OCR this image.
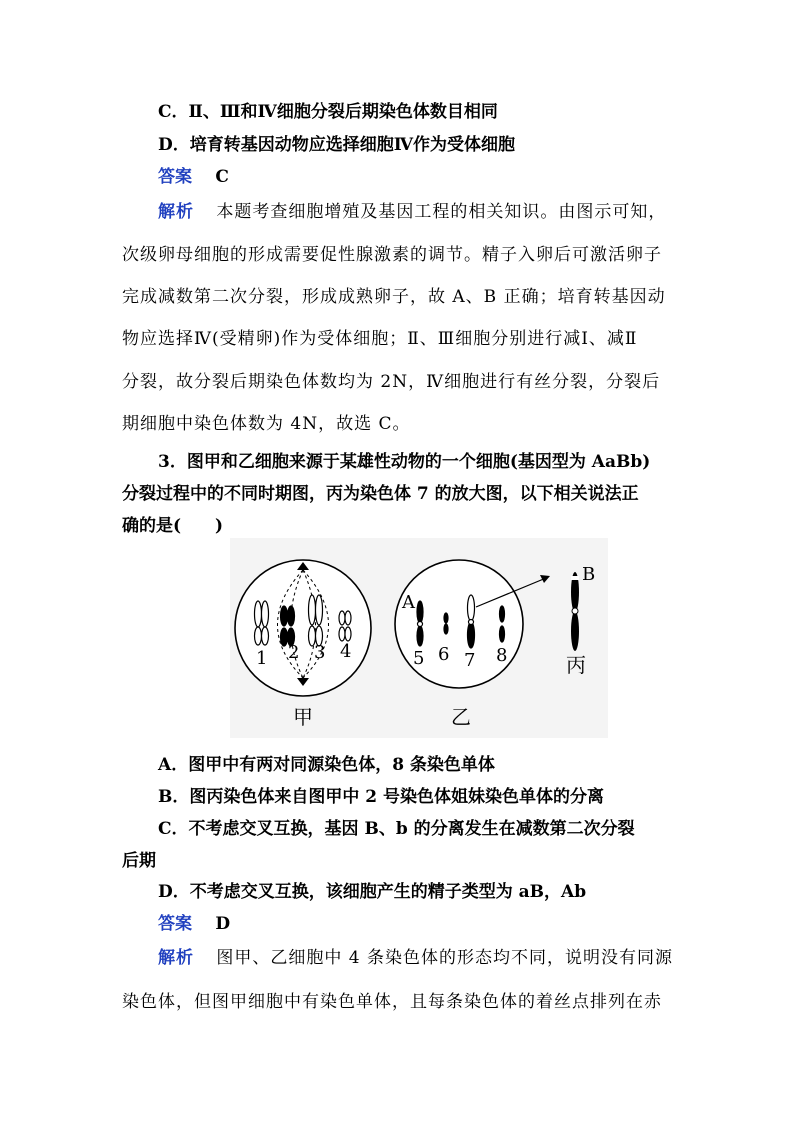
C．Ⅱ、Ⅲ和Ⅳ细胞分裂后期染色体数目相同
D．培育转基因动物应选择细胞Ⅳ作为受体细胞
答案 C
解析 本题考查细胞增殖及基因工程的相关知识。由图示可知，
次级卵母细胞的形成需要促性腺激素的调节。精子入卵后可激活卵子
完成减数第二次分裂，形成成熟卵子，故 A、B 正确；培育转基因动
物应选择Ⅳ(受精卵)作为受体细胞；Ⅱ、Ⅲ细胞分别进行减Ⅰ、减Ⅱ
分裂，故分裂后期染色体数均为 2N，Ⅳ细胞进行有丝分裂，分裂后
期细胞中染色体数为 4N，故选 C。
3．图甲和乙细胞来源于某雄性动物的一个细胞(基因型为 AaBb)
分裂过程中的不同时期图，丙为染色体 7 的放大图，以下相关说法正
确的是(　　)
1 2 3 4
甲
5 6 7 8
A
乙
B
丙
A．图甲中有两对同源染色体，8 条染色单体
B．图丙染色体来自图甲中 2 号染色体姐妹染色单体的分离
C．不考虑交叉互换，基因 B、b 的分离发生在减数第二次分裂
后期
D．不考虑交叉互换，该细胞产生的精子类型为 aB，Ab
答案 D
解析 图甲、乙细胞中 4 条染色体的形态均不同，说明没有同源
染色体，但图甲细胞中有染色单体，且每条染色体的着丝点排列在赤
